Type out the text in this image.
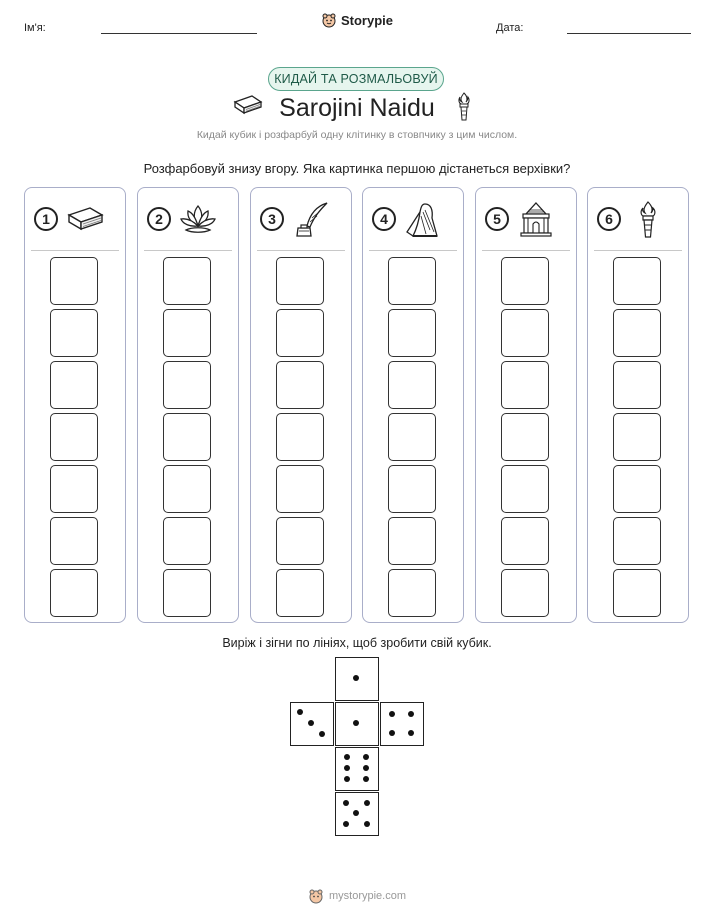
Ім'я:
Storypie
Дата:
КИДАЙ ТА РОЗМАЛЬОВУЙ
Sarojini Naidu
Кидай кубик і розфарбуй одну клітинку в стовпчику з цим числом.
Розфарбовуй знизу вгору. Яка картинка першою дістанеться верхівки?
1	2	3	4	5	6
Виріж і зігни по лініях, щоб зробити свій кубик.
mystorypie.com
